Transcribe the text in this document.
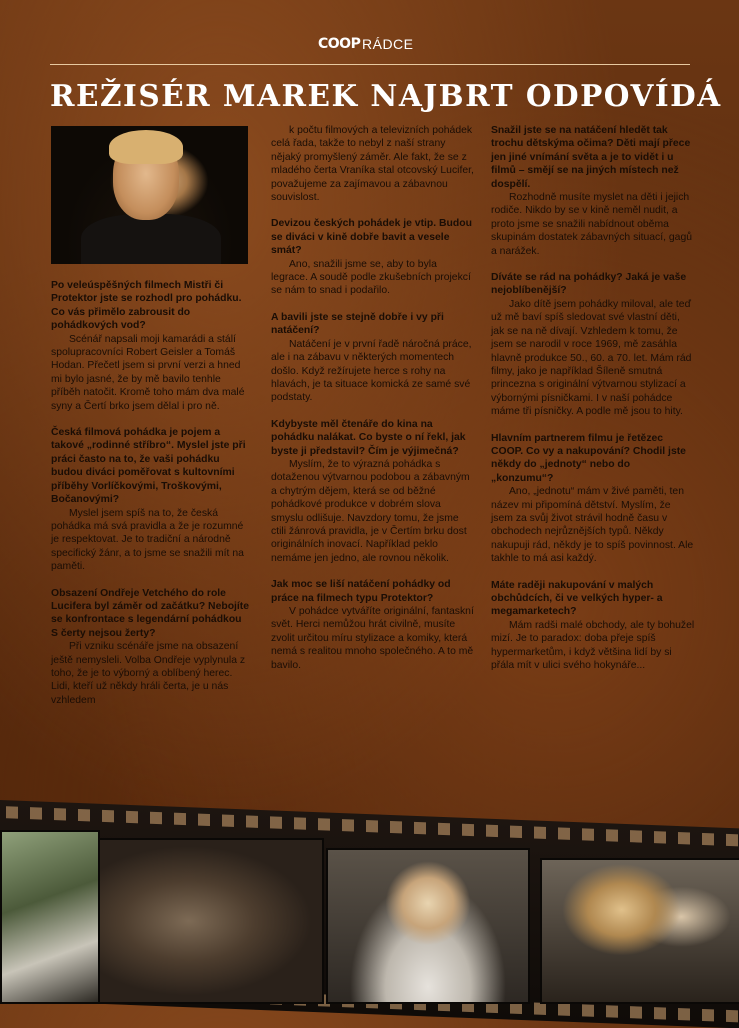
COOP RÁDCE
REŽISÉR MAREK NAJBRT ODPOVÍDÁ

Po veleúspěšných filmech Mistři či Protektor jste se rozhodl pro pohádku. Co vás přimělo zabrousit do pohádkových vod?

Scénář napsali moji kamarádi a stálí spolupracovníci Robert Geisler a Tomáš Hodan. Přečetl jsem si první verzi a hned mi bylo jasné, že by mě bavilo tenhle příběh natočit. Kromě toho mám dva malé syny a Čertí brko jsem dělal i pro ně.

Česká filmová pohádka je pojem a takové „rodinné stříbro“. Myslel jste při práci často na to, že vaši pohádku budou diváci poměřovat s kultovními příběhy Vorlíčkovými, Troškovými, Bočanovými?

Myslel jsem spíš na to, že česká pohádka má svá pravidla a že je rozumné je respektovat. Je to tradiční a národně specifický žánr, a to jsme se snažili mít na paměti.

Obsazení Ondřeje Vetchého do role Lucifera byl záměr od začátku? Nebojíte se konfrontace s legendární pohádkou S čerty nejsou žerty?

Při vzniku scénáře jsme na obsazení ještě nemysleli. Volba Ondřeje vyplynula z toho, že je to výborný a oblíbený herec. Lidi, kteří už někdy hráli čerta, je u nás vzhledem

k počtu filmových a televizních pohádek celá řada, takže to nebyl z naší strany nějaký promyšlený záměr. Ale fakt, že se z mladého čerta Vraníka stal otcovský Lucifer, považujeme za zajímavou a zábavnou souvislost.

Devizou českých pohádek je vtip. Budou se diváci v kině dobře bavit a vesele smát?

Ano, snažili jsme se, aby to byla legrace. A soudě podle zkušebních projekcí se nám to snad i podařilo.

A bavili jste se stejně dobře i vy při natáčení?

Natáčení je v první řadě náročná práce, ale i na zábavu v některých momentech došlo. Když režírujete herce s rohy na hlavách, je ta situace komická ze samé své podstaty.

Kdybyste měl čtenáře do kina na pohádku nalákat. Co byste o ní řekl, jak byste ji představil? Čím je výjimečná?

Myslím, že to výrazná pohádka s dotaženou výtvarnou podobou a zábavným a chytrým dějem, která se od běžné pohádkové produkce v dobrém slova smyslu odlišuje. Navzdory tomu, že jsme ctili žánrová pravidla, je v Čertím brku dost originálních inovací. Například peklo nemáme jen jedno, ale rovnou několik.

Jak moc se liší natáčení pohádky od práce na filmech typu Protektor?

V pohádce vytváříte originální, fantaskní svět. Herci nemůžou hrát civilně, musíte zvolit určitou míru stylizace a komiky, která nemá s realitou mnoho společného. A to mě bavilo.

Snažil jste se na natáčení hledět tak trochu dětskýma očima? Děti mají přece jen jiné vnímání světa a je to vidět i u filmů – smějí se na jiných místech než dospělí.

Rozhodně musíte myslet na děti i jejich rodiče. Nikdo by se v kině neměl nudit, a proto jsme se snažili nabídnout oběma skupinám dostatek zábavných situací, gagů a narážek.

Díváte se rád na pohádky? Jaká je vaše nejoblíbenější?

Jako dítě jsem pohádky miloval, ale teď už mě baví spíš sledovat své vlastní děti, jak se na ně dívají. Vzhledem k tomu, že jsem se narodil v roce 1969, mě zasáhla hlavně produkce 50., 60. a 70. let. Mám rád filmy, jako je například Šíleně smutná princezna s originální výtvarnou stylizací a výbornými písničkami. I v naší pohádce máme tři písničky. A podle mě jsou to hity.

Hlavním partnerem filmu je řetězec COOP. Co vy a nakupování? Chodil jste někdy do „jednoty“ nebo do „konzumu“?

Ano, „jednotu“ mám v živé paměti, ten název mi připomíná dětství. Myslím, že jsem za svůj život strávil hodně času v obchodech nejrůznějších typů. Někdy nakupuji rád, někdy je to spíš povinnost. Ale takhle to má asi každý.

Máte raději nakupování v malých obchůdcích, či ve velkých hyper- a megamarketech?

Mám radši malé obchody, ale ty bohužel mizí. Je to paradox: doba přeje spíš hypermarketům, i když většina lidí by si přála mít v ulici svého hokynáře...
